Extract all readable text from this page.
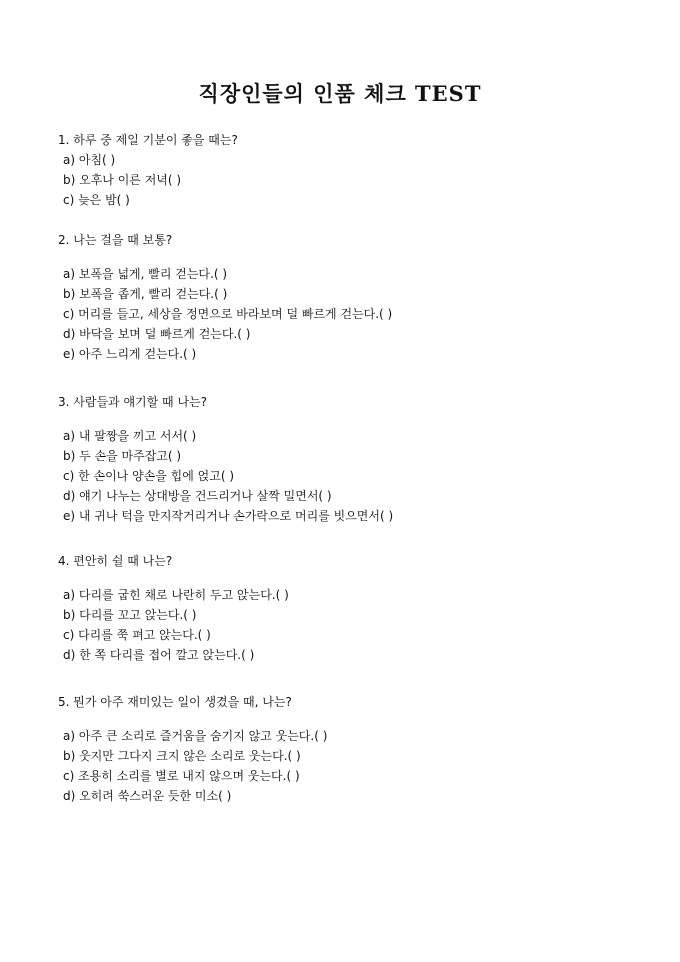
직장인들의 인품 체크 TEST

1. 하루 중 제일 기분이 좋을 때는?

a) 아침( )
b) 오후나 이른 저녁( )
c) 늦은 밤( )

2. 나는 걸을 때 보통?

a) 보폭을 넓게, 빨리 걷는다.( )
b) 보폭을 좁게, 빨리 걷는다.( )
c) 머리를 들고, 세상을 정면으로 바라보며 덜 빠르게 걷는다.( )
d) 바닥을 보며 덜 빠르게 걷는다.( )
e) 아주 느리게 걷는다.( )

3. 사람들과 얘기할 때 나는?

a) 내 팔짱을 끼고 서서( )
b) 두 손을 마주잡고( )
c) 한 손이나 양손을 힙에 얹고( )
d) 얘기 나누는 상대방을 건드리거나 살짝 밀면서( )
e) 내 귀나 턱을 만지작거리거나 손가락으로 머리를 빗으면서( )

4. 편안히 쉴 때 나는?

a) 다리를 굽힌 채로 나란히 두고 앉는다.( )
b) 다리를 꼬고 앉는다.( )
c) 다리를 쭉 펴고 앉는다.( )
d) 한 쪽 다리를 접어 깔고 앉는다.( )

5. 뭔가 아주 재미있는 일이 생겼을 때, 나는?

a) 아주 큰 소리로 즐거움을 숨기지 않고 웃는다.( )
b) 웃지만 그다지 크지 않은 소리로 웃는다.( )
c) 조용히 소리를 별로 내지 않으며 웃는다.( )
d) 오히려 쑥스러운 듯한 미소( )
